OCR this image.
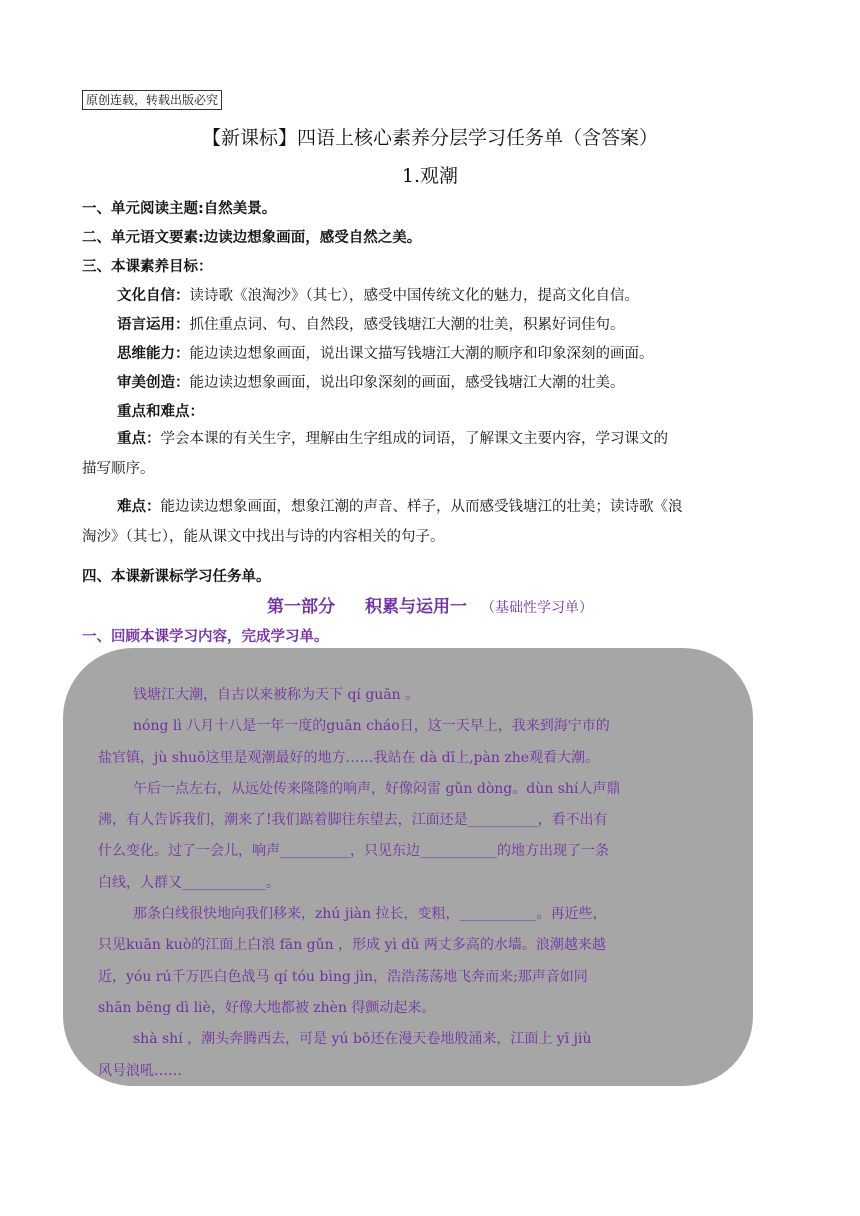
原创连载，转载出版必究
【新课标】四语上核心素养分层学习任务单（含答案）
1.观潮
一、单元阅读主题:自然美景。
二、单元语文要素:边读边想象画面，感受自然之美。
三、本课素养目标：
文化自信：读诗歌《浪淘沙》（其七），感受中国传统文化的魅力，提高文化自信。
语言运用：抓住重点词、句、自然段，感受钱塘江大潮的壮美，积累好词佳句。
思维能力：能边读边想象画面，说出课文描写钱塘江大潮的顺序和印象深刻的画面。
审美创造：能边读边想象画面，说出印象深刻的画面，感受钱塘江大潮的壮美。
重点和难点：
重点：学会本课的有关生字，理解由生字组成的词语，了解课文主要内容，学习课文的
描写顺序。
难点：能边读边想象画面，想象江潮的声音、样子，从而感受钱塘江的壮美；读诗歌《浪
淘沙》（其七），能从课文中找出与诗的内容相关的句子。
四、本课新课标学习任务单。
第一部分 积累与运用一 （基础性学习单）
一、回顾本课学习内容，完成学习单。

钱塘江大潮，自古以来被称为天下 qí guān 。

nóng lì 八月十八是一年一度的guān cháo日，这一天早上，我来到海宁市的

盐官镇，jù shuō这里是观潮最好的地方……我站在 dà dī上,pàn zhe观看大潮。

午后一点左右，从远处传来隆隆的响声，好像闷雷 gǔn dòng。dùn shí人声鼎

沸，有人告诉我们，潮来了!我们踮着脚往东望去，江面还是__________，看不出有

什么变化。过了一会儿，响声__________，只见东边___________的地方出现了一条

白线，人群又____________。

那条白线很快地向我们移来，zhú jiàn 拉长，变粗，___________。再近些，

只见kuān kuò的江面上白浪 fān gǔn ，形成 yì dǔ 两丈多高的水墙。浪潮越来越

近，yóu rú千万匹白色战马 qí tóu bìng jìn，浩浩荡荡地飞奔而来;那声音如同

shān bēng dì liè，好像大地都被 zhèn 得颤动起来。

shà shí ，潮头奔腾西去，可是 yú bō还在漫天卷地般涌来，江面上 yī jiù

风号浪吼……
